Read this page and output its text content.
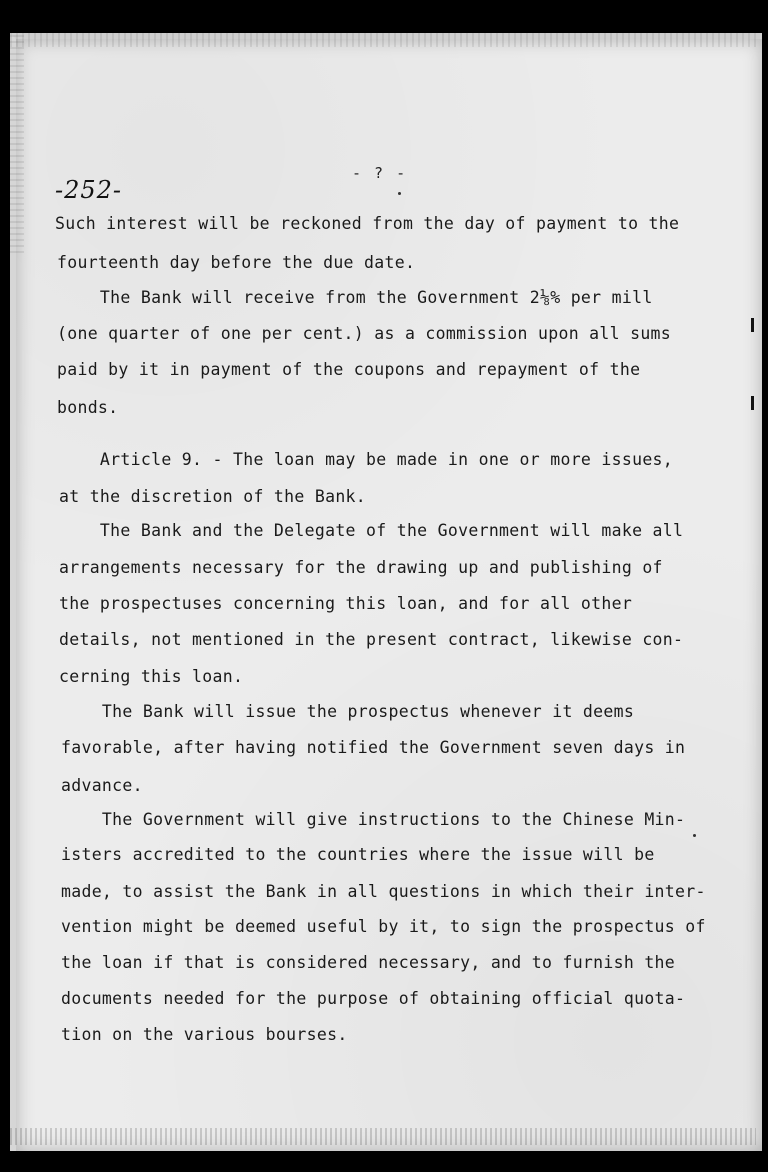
- ? -
-252-
Such interest will be reckoned from the day of payment to the
fourteenth day before the due date.
The Bank will receive from the Government 2⅛% per mill
(one quarter of one per cent.) as a commission upon all sums
paid by it in payment of the coupons and repayment of the
bonds.
Article 9. - The loan may be made in one or more issues,
at the discretion of the Bank.
The Bank and the Delegate of the Government will make all
arrangements necessary for the drawing up and publishing of
the prospectuses concerning this loan, and for all other
details, not mentioned in the present contract, likewise con-
cerning this loan.
The Bank will issue the prospectus whenever it deems
favorable, after having notified the Government seven days in
advance.
The Government will give instructions to the Chinese Min-
isters accredited to the countries where the issue will be
made, to assist the Bank in all questions in which their inter-
vention might be deemed useful by it, to sign the prospectus of
the loan if that is considered necessary, and to furnish the
documents needed for the purpose of obtaining official quota-
tion on the various bourses.
